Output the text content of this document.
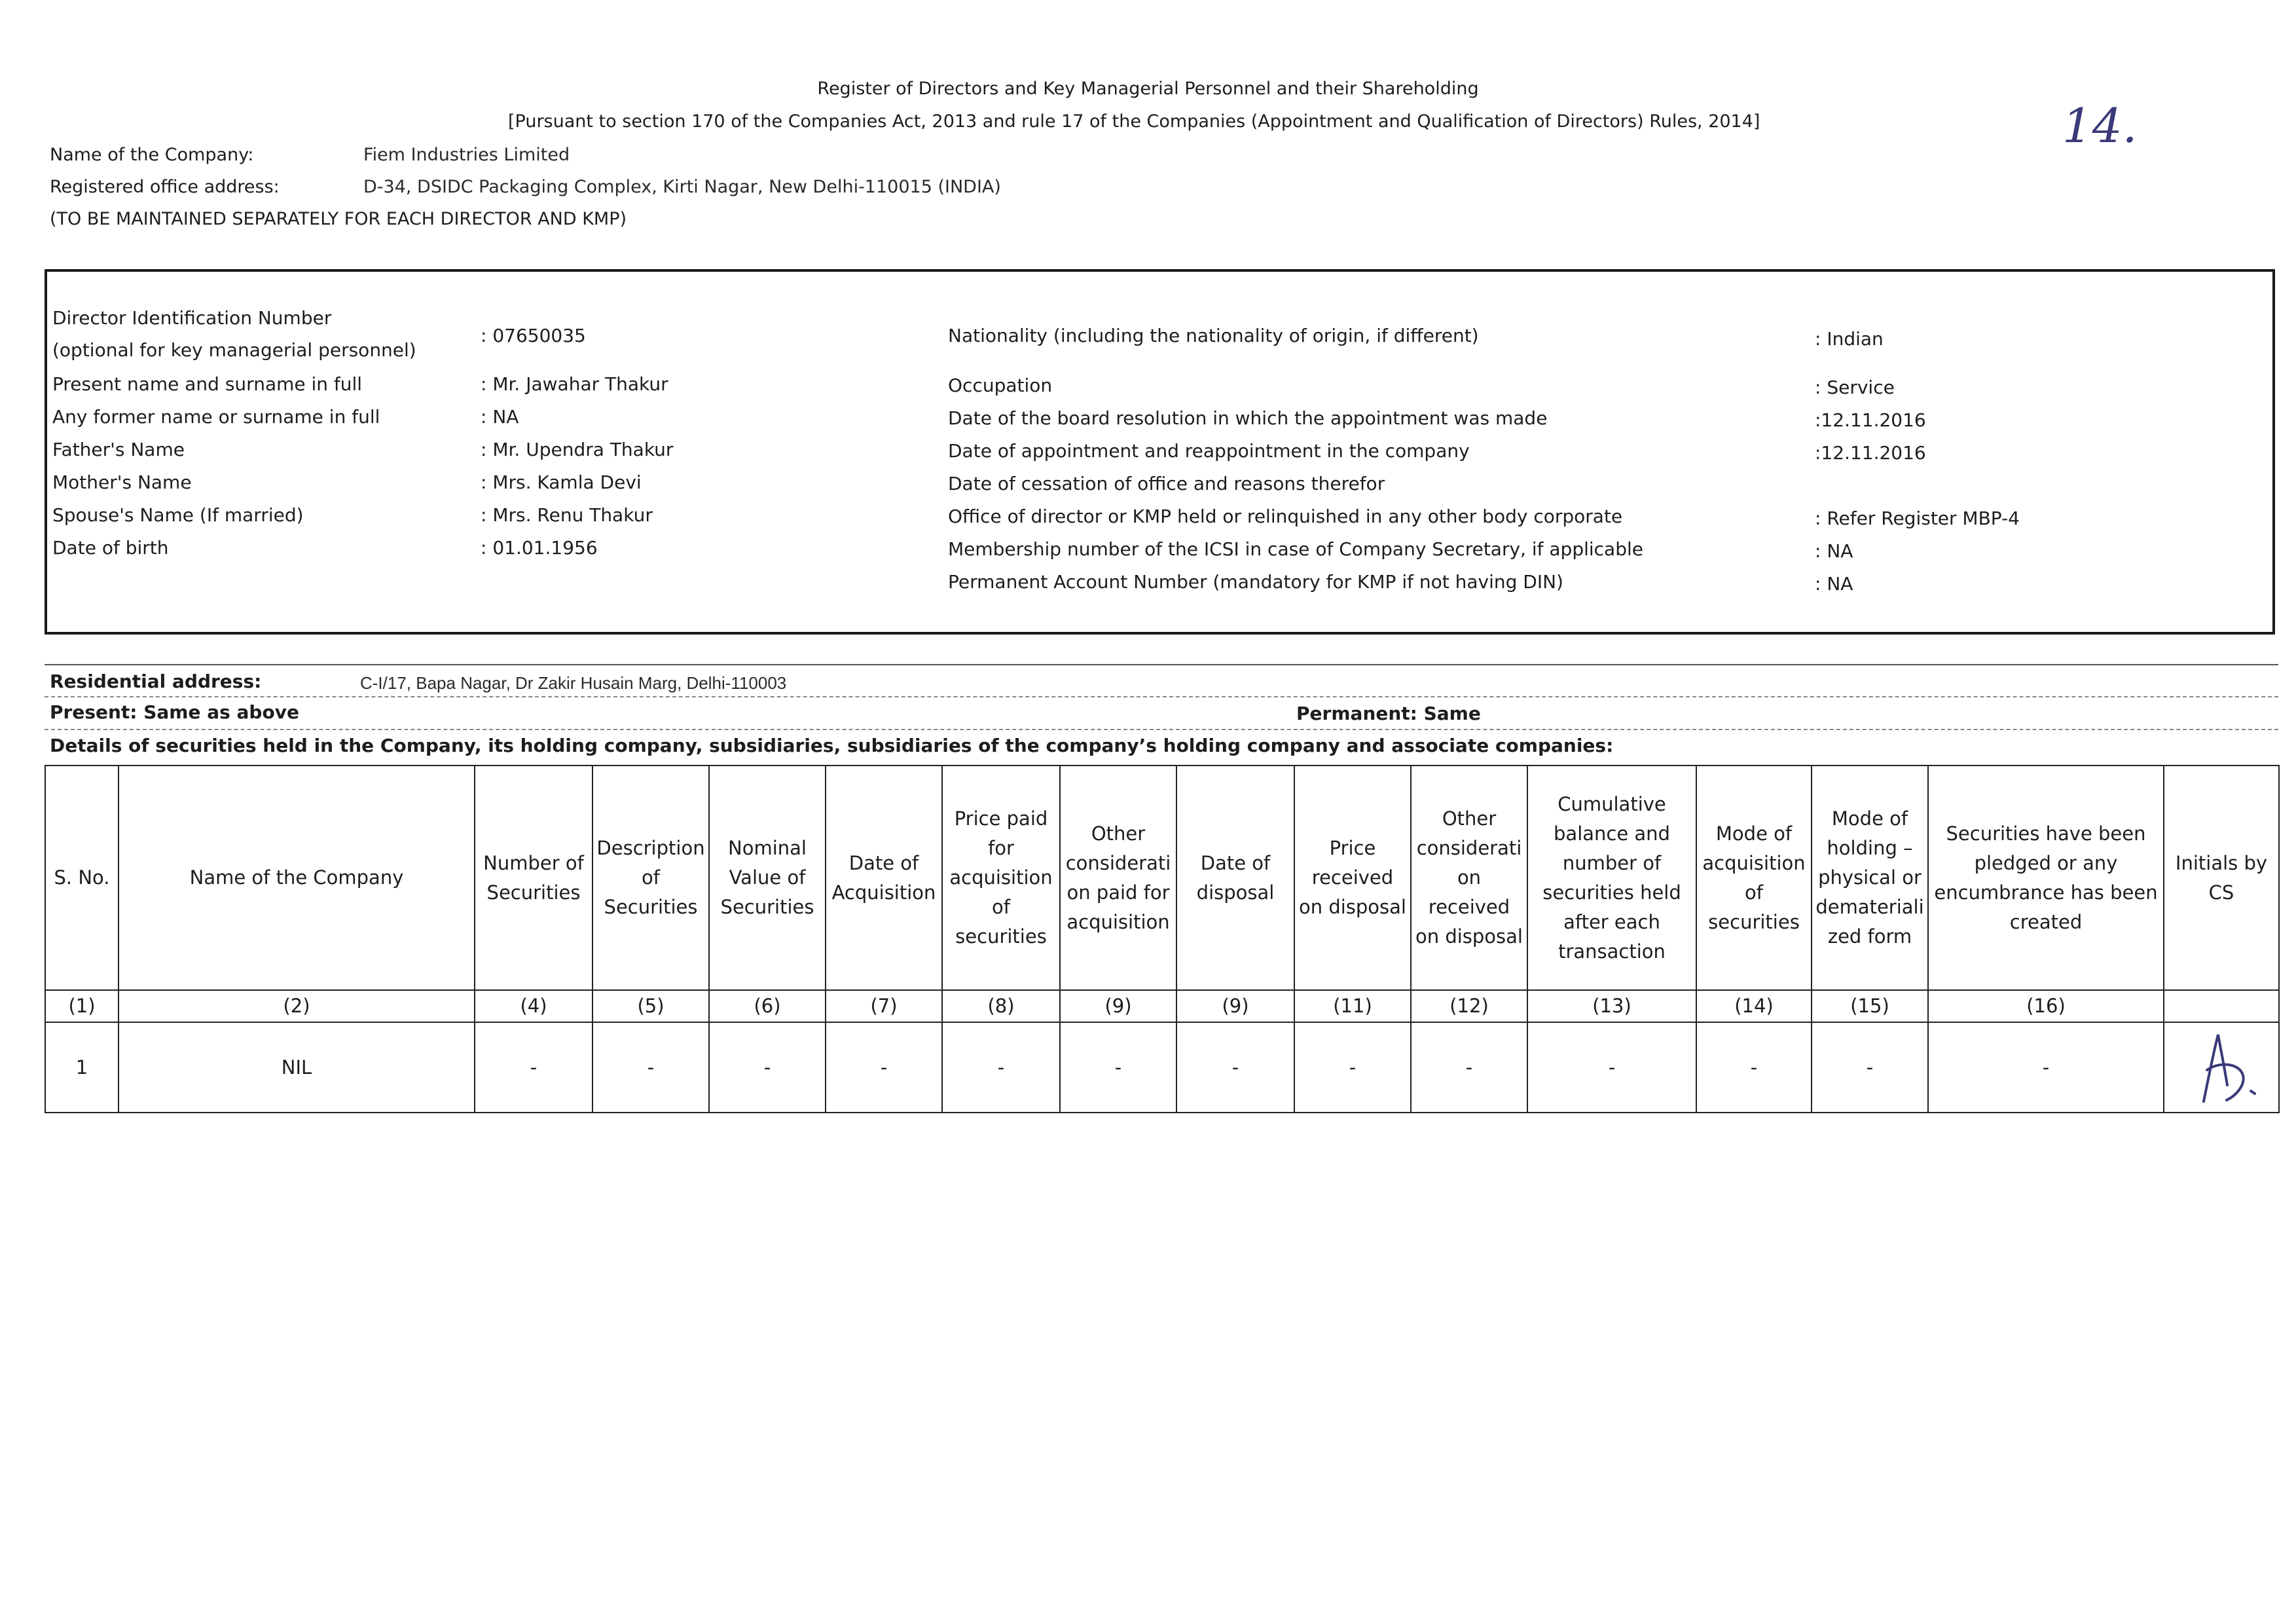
Register of Directors and Key Managerial Personnel and their Shareholding
[Pursuant to section 170 of the Companies Act, 2013 and rule 17 of the Companies (Appointment and Qualification of Directors) Rules, 2014]	14.
Name of the Company:	Fiem Industries Limited
Registered office address:	D-34, DSIDC Packaging Complex, Kirti Nagar, New Delhi-110015 (INDIA)
(TO BE MAINTAINED SEPARATELY FOR EACH DIRECTOR AND KMP)
Director Identification Number
(optional for key managerial personnel)
: 07650035
Present name and surname in full	: Mr. Jawahar Thakur
Any former name or surname in full	: NA
Father's Name	: Mr. Upendra Thakur
Mother's Name	: Mrs. Kamla Devi
Spouse's Name (If married)	: Mrs. Renu Thakur
Date of birth	: 01.01.1956
Nationality (including the nationality of origin, if different)	: Indian
Occupation	: Service
Date of the board resolution in which the appointment was made	:12.11.2016
Date of appointment and reappointment in the company	:12.11.2016
Date of cessation of office and reasons therefor
Office of director or KMP held or relinquished in any other body corporate	: Refer Register MBP-4
Membership number of the ICSI in case of Company Secretary, if applicable	: NA
Permanent Account Number (mandatory for KMP if not having DIN)	: NA
Residential address:	C-I/17, Bapa Nagar, Dr Zakir Husain Marg, Delhi-110003
Present: Same as above	Permanent: Same
Details of securities held in the Company, its holding company, subsidiaries, subsidiaries of the company’s holding company and associate companies:
S. No.	Name of the Company	Number of Securities	Description of Securities	Nominal Value of Securities	Date of Acquisition	Price paid for acquisition of securities	Other considerati on paid for acquisition	Date of disposal	Price received on disposal	Other considerati on received on disposal	Cumulative balance and number of securities held after each transaction	Mode of acquisition of securities	Mode of holding – physical or demateriali zed form	Securities have been pledged or any encumbrance has been created	Initials by CS
(1)	(2)	(4)	(5)	(6)	(7)	(8)	(9)	(9)	(11)	(12)	(13)	(14)	(15)	(16)	
1	NIL	-	-	-	-	-	-	-	-	-	-	-	-	-	
